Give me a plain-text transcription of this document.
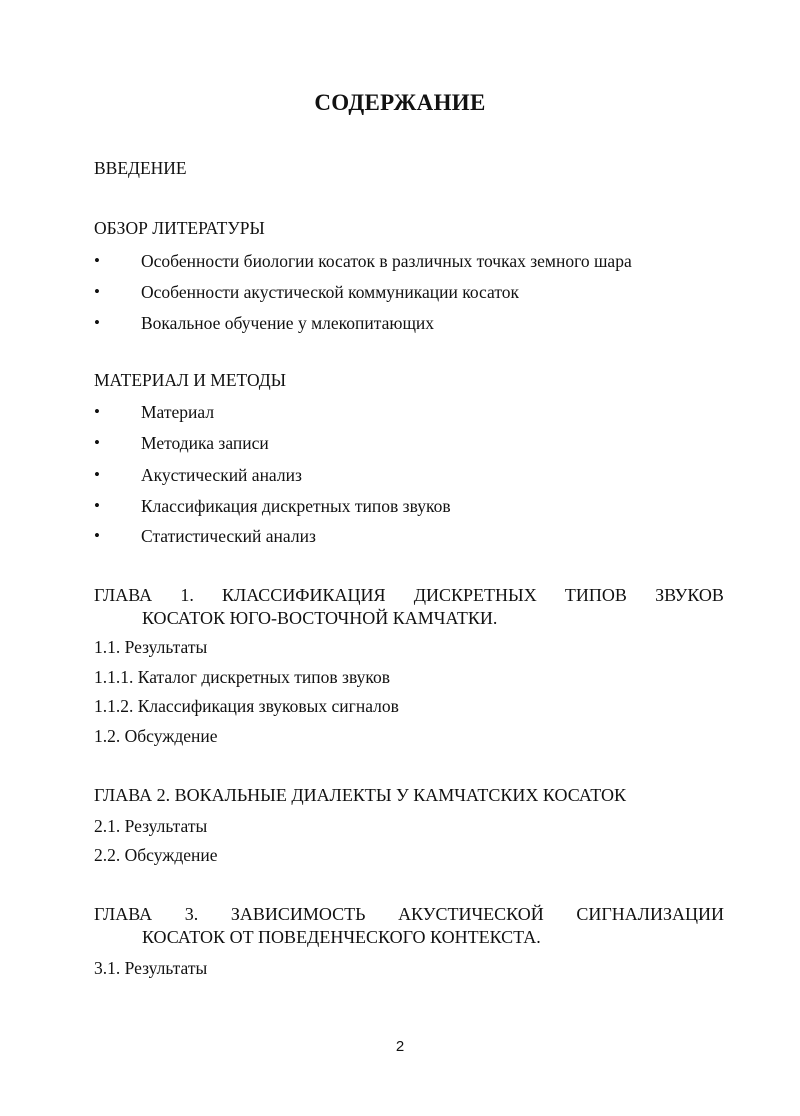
СОДЕРЖАНИЕ

ВВЕДЕНИЕ

ОБЗОР ЛИТЕРАТУРЫ

• Особенности биологии косаток в различных точках земного шара
• Особенности акустической коммуникации косаток
• Вокальное обучение у млекопитающих

МАТЕРИАЛ И МЕТОДЫ

• Материал
• Методика записи
• Акустический анализ
• Классификация дискретных типов звуков
• Статистический анализ
ГЛАВА 1. КЛАССИФИКАЦИЯ ДИСКРЕТНЫХ ТИПОВ ЗВУКОВ
КОСАТОК ЮГО-ВОСТОЧНОЙ КАМЧАТКИ.

1.1. Результаты

1.1.1. Каталог дискретных типов звуков

1.1.2. Классификация звуковых сигналов

1.2. Обсуждение

ГЛАВА 2. ВОКАЛЬНЫЕ ДИАЛЕКТЫ У КАМЧАТСКИХ КОСАТОК

2.1. Результаты

2.2. Обсуждение

ГЛАВА 3. ЗАВИСИМОСТЬ АКУСТИЧЕСКОЙ СИГНАЛИЗАЦИИ
КОСАТОК ОТ ПОВЕДЕНЧЕСКОГО КОНТЕКСТА.

3.1. Результаты

2
